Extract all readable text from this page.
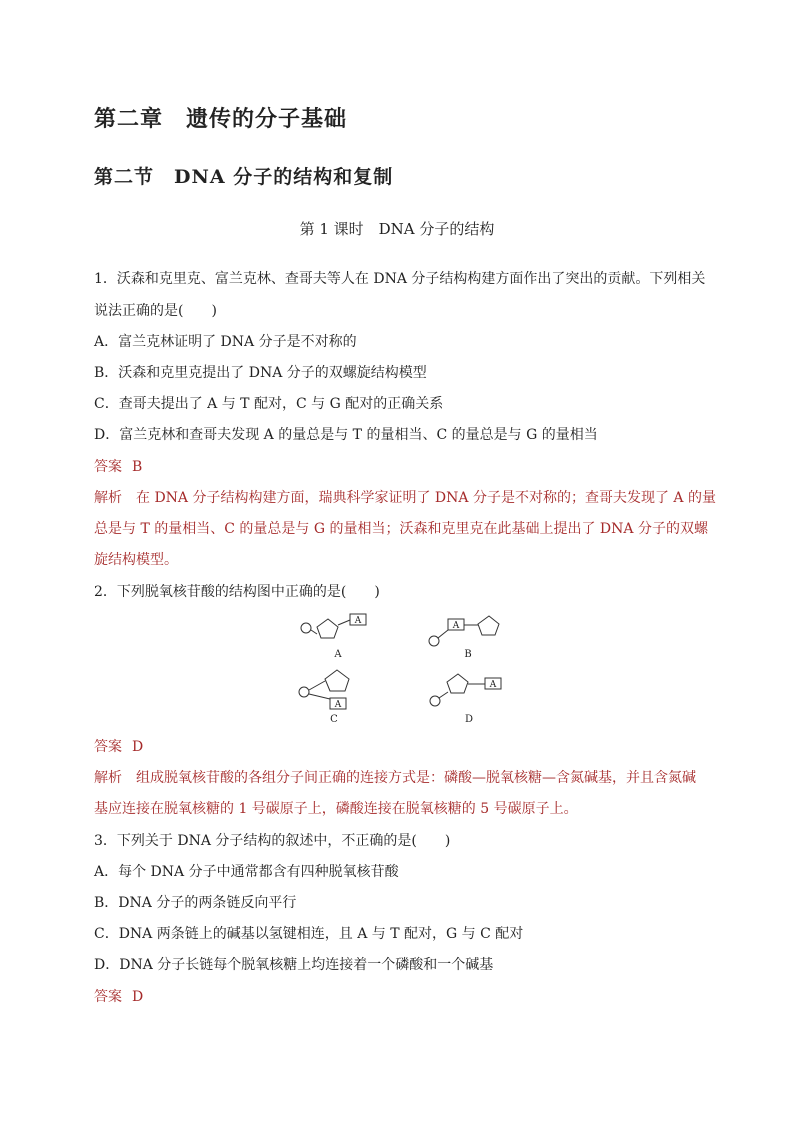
第二章　遗传的分子基础
第二节　DNA 分子的结构和复制
第 1 课时　DNA 分子的结构
1．沃森和克里克、富兰克林、查哥夫等人在 DNA 分子结构构建方面作出了突出的贡献。下列相关
说法正确的是(　　)
A．富兰克林证明了 DNA 分子是不对称的
B．沃森和克里克提出了 DNA 分子的双螺旋结构模型
C．查哥夫提出了 A 与 T 配对，C 与 G 配对的正确关系
D．富兰克林和查哥夫发现 A 的量总是与 T 的量相当、C 的量总是与 G 的量相当
答案 B
解析 在 DNA 分子结构构建方面，瑞典科学家证明了 DNA 分子是不对称的；查哥夫发现了 A 的量
总是与 T 的量相当、C 的量总是与 G 的量相当；沃森和克里克在此基础上提出了 DNA 分子的双螺
旋结构模型。
2．下列脱氧核苷酸的结构图中正确的是(　　)
A	A
A
A
A	B
C	D
答案 D
解析 组成脱氧核苷酸的各组分子间正确的连接方式是：磷酸—脱氧核糖—含氮碱基，并且含氮碱
基应连接在脱氧核糖的 1 号碳原子上，磷酸连接在脱氧核糖的 5 号碳原子上。
3．下列关于 DNA 分子结构的叙述中，不正确的是(　　)
A．每个 DNA 分子中通常都含有四种脱氧核苷酸
B．DNA 分子的两条链反向平行
C．DNA 两条链上的碱基以氢键相连，且 A 与 T 配对，G 与 C 配对
D．DNA 分子长链每个脱氧核糖上均连接着一个磷酸和一个碱基
答案 D
